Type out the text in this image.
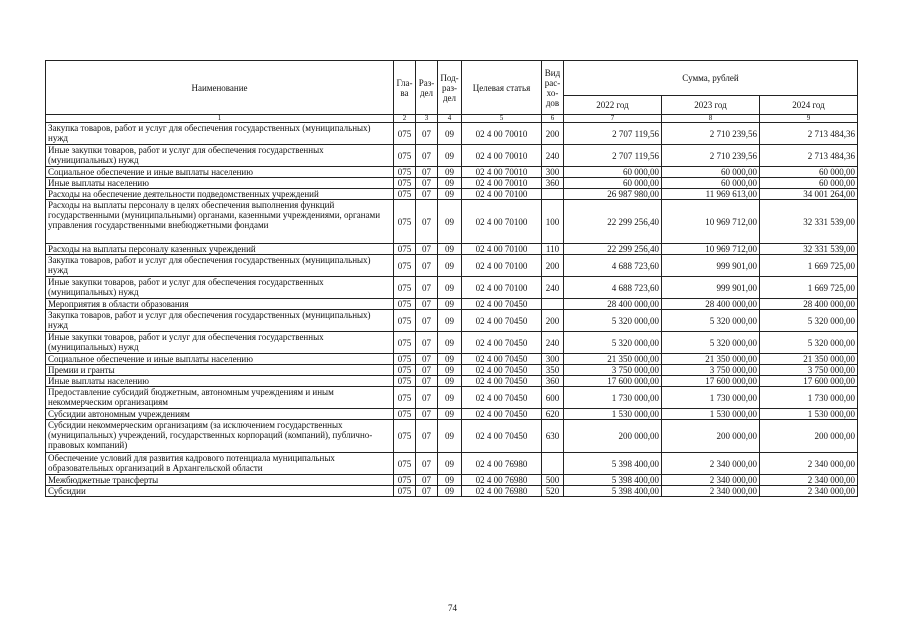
Наименование	Гла-ва	Раз-дел	Под-раз-дел	Целевая статья	Вид рас-хо-дов	Сумма, рублей		
						2022 год	2023 год	2024 год
1	2	3	4	5	6	7	8	9
Закупка товаров, работ и услуг для обеспечения государственных (муниципальных) нужд	075	07	09	02 4 00 70010	200	2 707 119,56	2 710 239,56	2 713 484,36
Иные закупки товаров, работ и услуг для обеспечения государственных (муниципальных) нужд	075	07	09	02 4 00 70010	240	2 707 119,56	2 710 239,56	2 713 484,36
Социальное обеспечение и иные выплаты населению	075	07	09	02 4 00 70010	300	60 000,00	60 000,00	60 000,00
Иные выплаты населению	075	07	09	02 4 00 70010	360	60 000,00	60 000,00	60 000,00
Расходы на обеспечение деятельности подведомственных учреждений	075	07	09	02 4 00 70100		26 987 980,00	11 969 613,00	34 001 264,00
Расходы на выплаты персоналу в целях обеспечения выполнения функций государственными (муниципальными) органами, казенными учреждениями, органами управления государственными внебюджетными фондами	075	07	09	02 4 00 70100	100	22 299 256,40	10 969 712,00	32 331 539,00
Расходы на выплаты персоналу казенных учреждений	075	07	09	02 4 00 70100	110	22 299 256,40	10 969 712,00	32 331 539,00
Закупка товаров, работ и услуг для обеспечения государственных (муниципальных) нужд	075	07	09	02 4 00 70100	200	4 688 723,60	999 901,00	1 669 725,00
Иные закупки товаров, работ и услуг для обеспечения государственных (муниципальных) нужд	075	07	09	02 4 00 70100	240	4 688 723,60	999 901,00	1 669 725,00
Мероприятия в области образования	075	07	09	02 4 00 70450		28 400 000,00	28 400 000,00	28 400 000,00
Закупка товаров, работ и услуг для обеспечения государственных (муниципальных) нужд	075	07	09	02 4 00 70450	200	5 320 000,00	5 320 000,00	5 320 000,00
Иные закупки товаров, работ и услуг для обеспечения государственных (муниципальных) нужд	075	07	09	02 4 00 70450	240	5 320 000,00	5 320 000,00	5 320 000,00
Социальное обеспечение и иные выплаты населению	075	07	09	02 4 00 70450	300	21 350 000,00	21 350 000,00	21 350 000,00
Премии и гранты	075	07	09	02 4 00 70450	350	3 750 000,00	3 750 000,00	3 750 000,00
Иные выплаты населению	075	07	09	02 4 00 70450	360	17 600 000,00	17 600 000,00	17 600 000,00
Предоставление субсидий бюджетным, автономным учреждениям и иным некоммерческим организациям	075	07	09	02 4 00 70450	600	1 730 000,00	1 730 000,00	1 730 000,00
Субсидии автономным учреждениям	075	07	09	02 4 00 70450	620	1 530 000,00	1 530 000,00	1 530 000,00
Субсидии некоммерческим организациям (за исключением государственных (муниципальных) учреждений, государственных корпораций (компаний), публично-правовых компаний)	075	07	09	02 4 00 70450	630	200 000,00	200 000,00	200 000,00
Обеспечение условий для развития кадрового потенциала муниципальных образовательных организаций в Архангельской области	075	07	09	02 4 00 76980		5 398 400,00	2 340 000,00	2 340 000,00
Межбюджетные трансферты	075	07	09	02 4 00 76980	500	5 398 400,00	2 340 000,00	2 340 000,00
Субсидии	075	07	09	02 4 00 76980	520	5 398 400,00	2 340 000,00	2 340 000,00
74
